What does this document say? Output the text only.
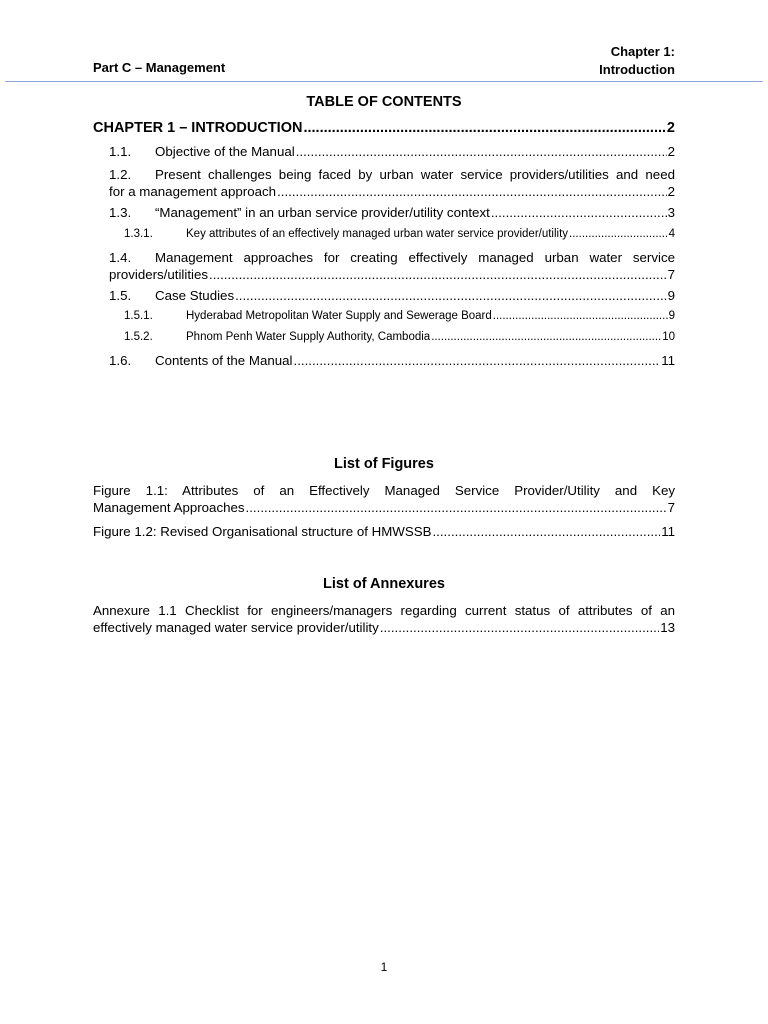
Part C – Management
Chapter 1:
Introduction
TABLE OF CONTENTS
CHAPTER 1 – INTRODUCTION .....	2
1.1. Objective of the Manual .....	2
1.2. Present challenges being faced by urban water service providers/utilities and need
for a management approach .....	2
1.3. “Management” in an urban service provider/utility context .....	3
1.3.1.	Key attributes of an effectively managed urban water service provider/utility .....	4
1.4. Management approaches for creating effectively managed urban water service
providers/utilities .....	7
1.5. Case Studies .....	9
1.5.1.	Hyderabad Metropolitan Water Supply and Sewerage Board .....	9
1.5.2.	Phnom Penh Water Supply Authority, Cambodia .....	10
1.6. Contents of the Manual .....	11
List of Figures
Figure 1.1: Attributes of an Effectively Managed Service Provider/Utility and Key
Management Approaches .....	7
Figure 1.2: Revised Organisational structure of HMWSSB .....	11
List of Annexures
Annexure 1.1 Checklist for engineers/managers regarding current status of attributes of an
effectively managed water service provider/utility .....	13
1
